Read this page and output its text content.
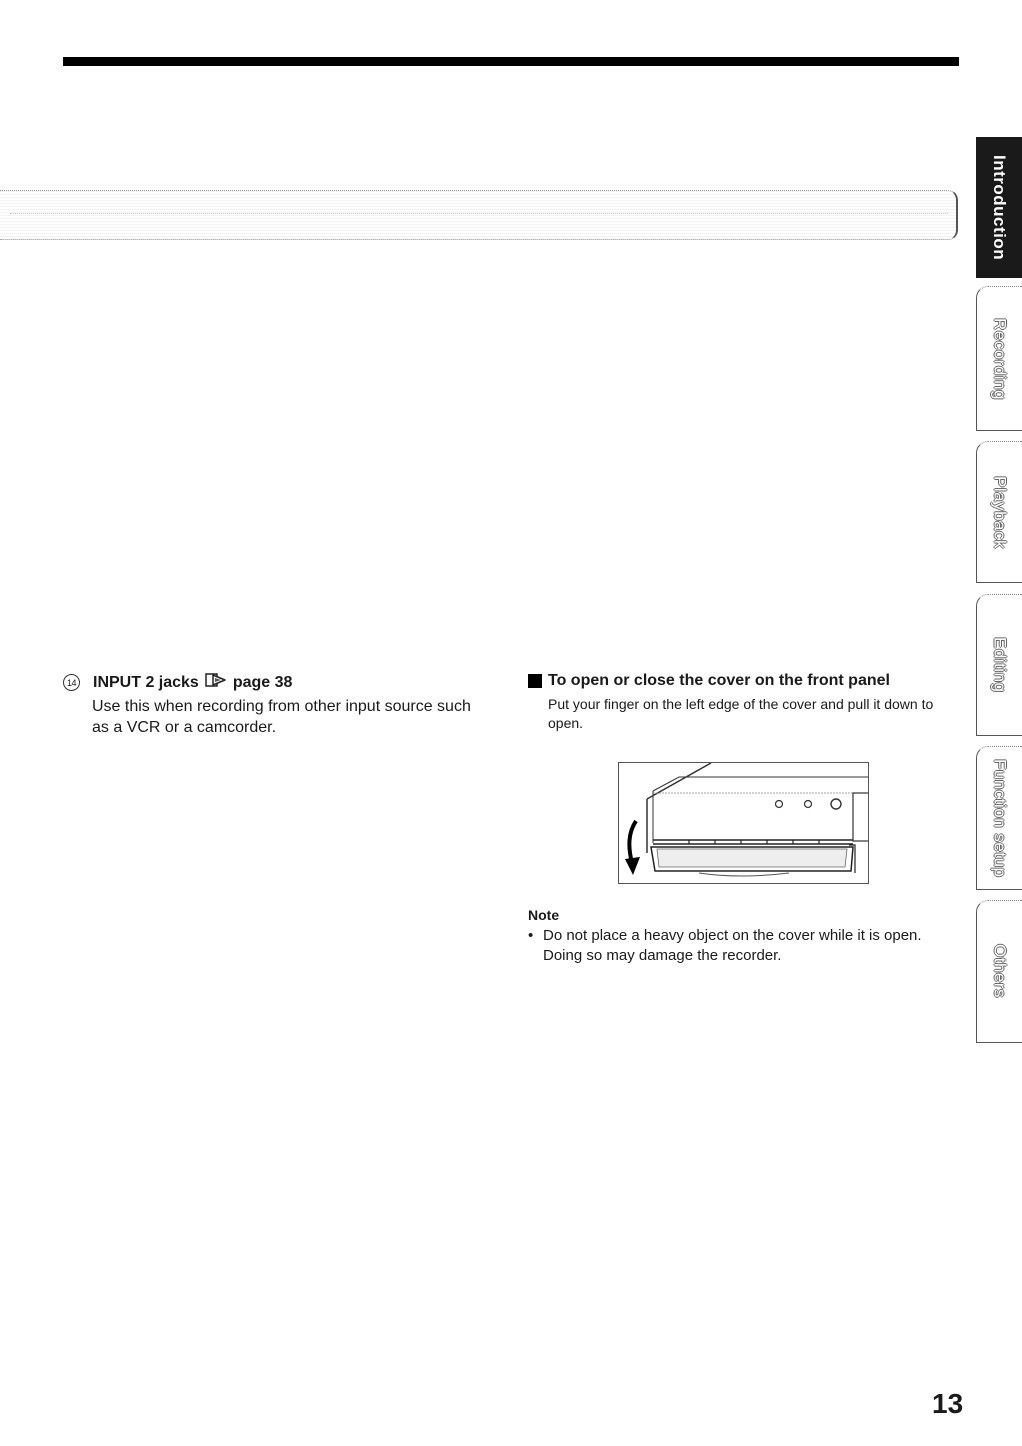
Introduction
Recording
Playback
Editing
Function setup
Others
14 INPUT 2 jacks page 38
Use this when recording from other input source such as a VCR or a camcorder.
To open or close the cover on the front panel
Put your finger on the left edge of the cover and pull it down to open.
Note
• Do not place a heavy object on the cover while it is open. Doing so may damage the recorder.
13
